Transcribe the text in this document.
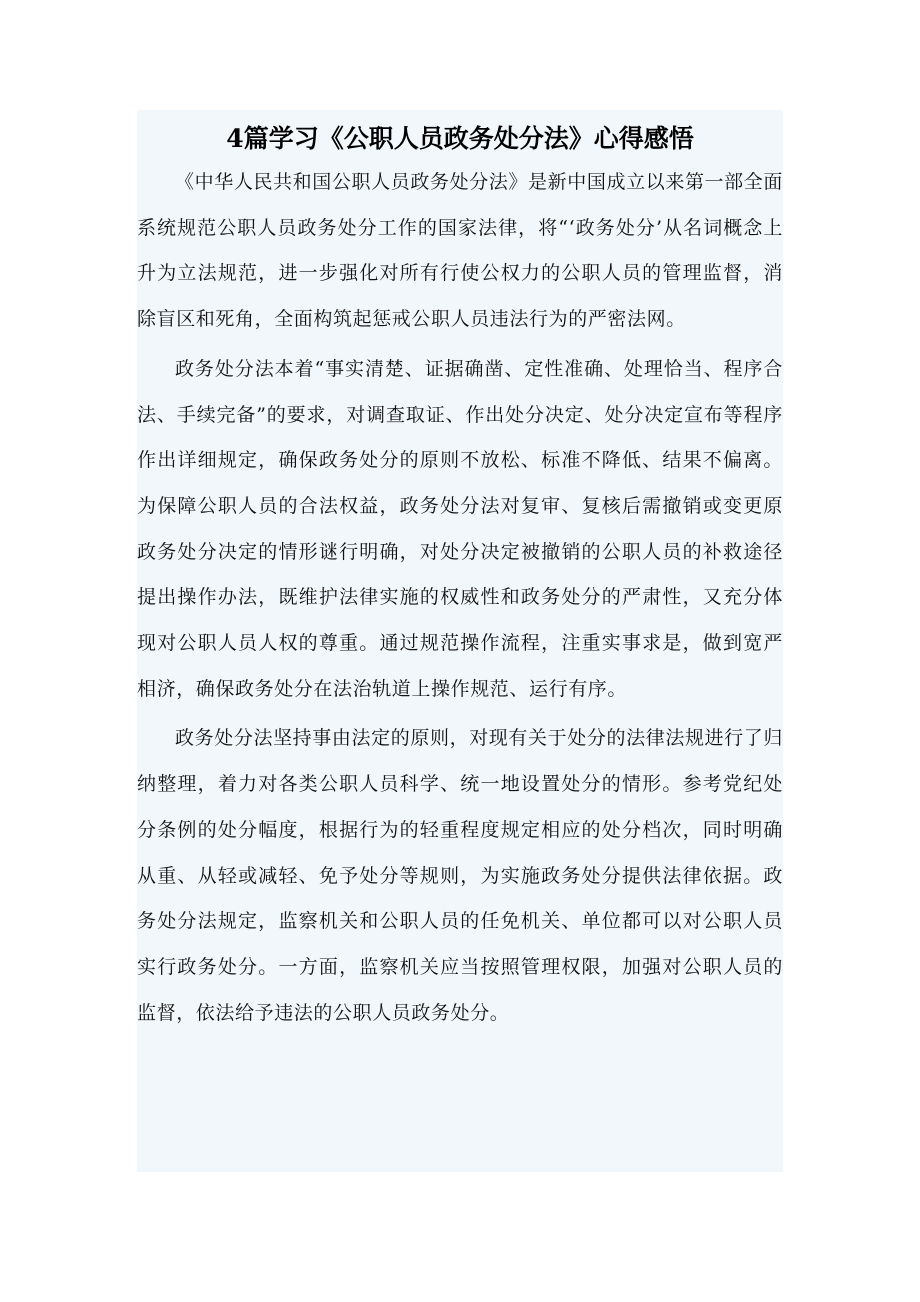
4篇学习《公职人员政务处分法》心得感悟

《中华人民共和国公职人员政务处分法》是新中国成立以来第一部全面系统规范公职人员政务处分工作的国家法律，将“‘政务处分’从名词概念上升为立法规范，进一步强化对所有行使公权力的公职人员的管理监督，消除盲区和死角，全面构筑起惩戒公职人员违法行为的严密法网。

政务处分法本着“事实清楚、证据确凿、定性准确、处理恰当、程序合法、手续完备”的要求，对调查取证、作出处分决定、处分决定宣布等程序作出详细规定，确保政务处分的原则不放松、标准不降低、结果不偏离。为保障公职人员的合法权益，政务处分法对复审、复核后需撤销或变更原政务处分决定的情形谜行明确，对处分决定被撤销的公职人员的补救途径提出操作办法，既维护法律实施的权威性和政务处分的严肃性，又充分体现对公职人员人权的尊重。通过规范操作流程，注重实事求是，做到宽严相济，确保政务处分在法治轨道上操作规范、运行有序。

政务处分法坚持事由法定的原则，对现有关于处分的法律法规进行了归纳整理，着力对各类公职人员科学、统一地设置处分的情形。参考党纪处分条例的处分幅度，根据行为的轻重程度规定相应的处分档次，同时明确从重、从轻或减轻、免予处分等规则，为实施政务处分提供法律依据。政务处分法规定，监察机关和公职人员的任免机关、单位都可以对公职人员实行政务处分。一方面，监察机关应当按照管理权限，加强对公职人员的监督，依法给予违法的公职人员政务处分。
